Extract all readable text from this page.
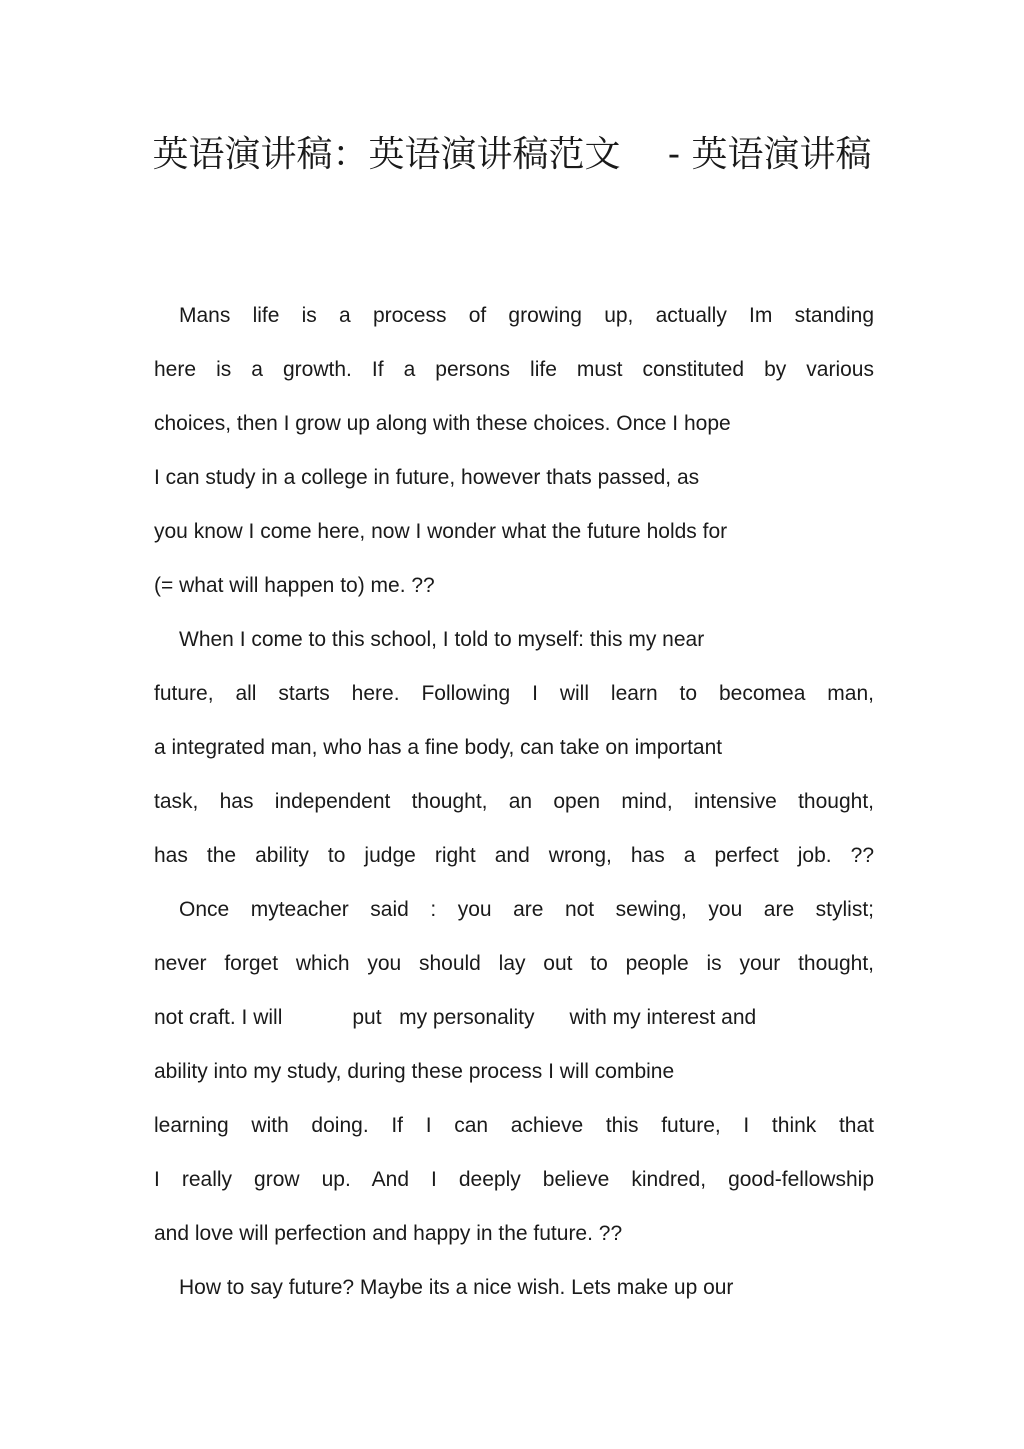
英语演讲稿：英语演讲稿范文　 - 英语演讲稿
Mans life is a process of growing up, actually Im standing
here is a growth. If a persons life must constituted by various
choices, then I grow up along with these choices. Once I hope
I can study in a college in future, however thats passed, as
you know I come here, now I wonder what the future holds for
(= what will happen to) me. ??
When I come to this school, I told to myself: this my near
future, all starts here. Following I will learn to becomea man,
a integrated man, who has a fine body, can take on important
task, has independent thought, an open mind, intensive thought,
has the ability to judge right and wrong, has a perfect job. ??
Once myteacher said : you are not sewing, you are stylist;
never forget which you should lay out to people is your thought,
not craft. I will            put   my personality      with my interest and
ability into my study, during these process I will combine
learning with doing. If I can achieve this future, I think that
I really grow up. And I deeply believe kindred, good-fellowship
and love will perfection and happy in the future. ??
How to say future? Maybe its a nice wish. Lets make up our
